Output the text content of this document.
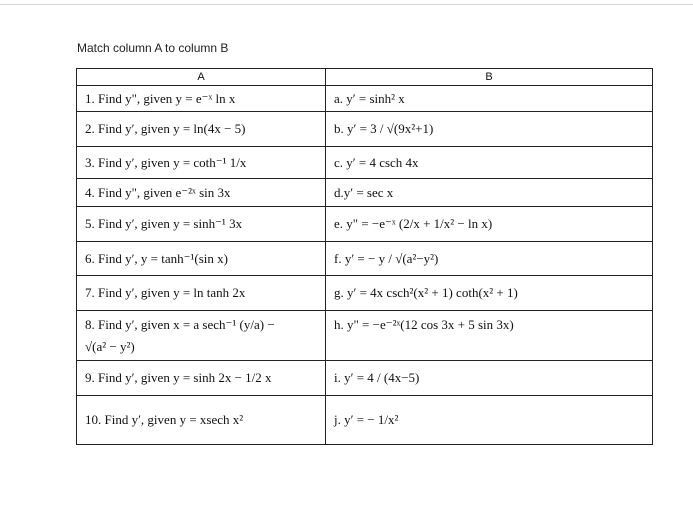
Match column A to column B
A	B
1. Find y", given y = e⁻ˣ ln x	a. y′ = sinh² x
2. Find y′, given y = ln(4x − 5)	b. y′ = 3 / √(9x²+1)
3. Find y′, given y = coth⁻¹ 1/x	c. y′ = 4 csch 4x
4. Find y", given e⁻²ˣ sin 3x	d.y′ = sec x
5. Find y′, given y = sinh⁻¹ 3x	e. y" = −e⁻ˣ (2/x + 1/x² − ln x)
6. Find y′, y = tanh⁻¹(sin x)	f. y′ = − y / √(a²−y²)
7. Find y′, given y = ln tanh 2x	g. y′ = 4x csch²(x² + 1) coth(x² + 1)
8. Find y′, given x = a sech⁻¹ (y/a) −
√(a² − y²)	h. y" = −e⁻²ˣ(12 cos 3x + 5 sin 3x)
9. Find y′, given y = sinh 2x − 1/2 x	i. y′ = 4 / (4x−5)
10. Find y′, given y = xsech x²	j. y′ = − 1/x²
